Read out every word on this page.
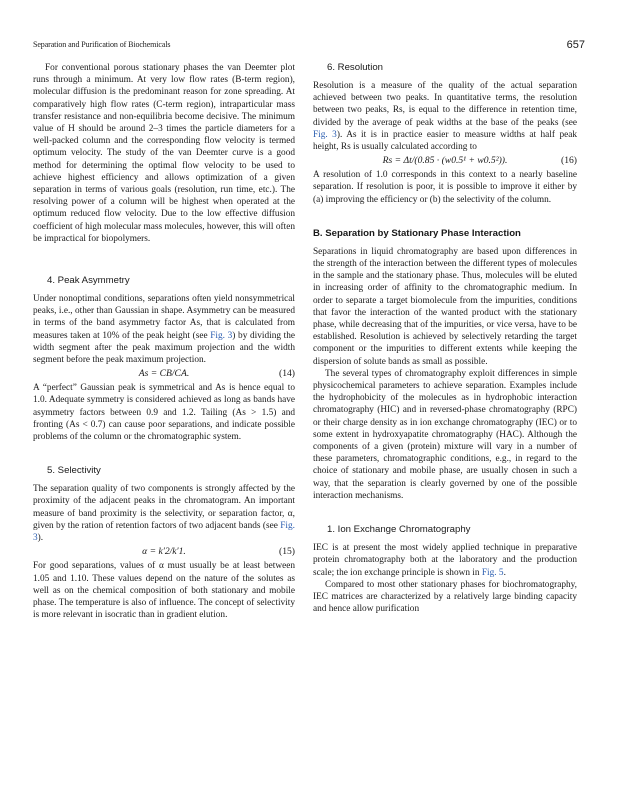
Separation and Purification of Biochemicals	657

For conventional porous stationary phases the van Deemter plot runs through a minimum. At very low flow rates (B-term region), molecular diffusion is the predominant reason for zone spreading. At comparatively high flow rates (C-term region), intraparticular mass transfer resistance and non-equilibria become decisive. The minimum value of H should be around 2–3 times the particle diameters for a well-packed column and the corresponding flow velocity is termed optimum velocity. The study of the van Deemter curve is a good method for determining the optimal flow velocity to be used to achieve highest efficiency and allows optimization of a given separation in terms of various goals (resolution, run time, etc.). The resolving power of a column will be highest when operated at the optimum reduced flow velocity. Due to the low effective diffusion coefficient of high molecular mass molecules, however, this will often be impractical for biopolymers.

4. Peak Asymmetry

Under nonoptimal conditions, separations often yield nonsymmetrical peaks, i.e., other than Gaussian in shape. Asymmetry can be measured in terms of the band asymmetry factor As, that is calculated from measures taken at 10% of the peak height (see Fig. 3) by dividing the width segment after the peak maximum projection and the width segment before the peak maximum projection.

As = CB/CA.	(14)

A “perfect” Gaussian peak is symmetrical and As is hence equal to 1.0. Adequate symmetry is considered achieved as long as bands have asymmetry factors between 0.9 and 1.2. Tailing (As > 1.5) and fronting (As < 0.7) can cause poor separations, and indicate possible problems of the column or the chromatographic system.

5. Selectivity

The separation quality of two components is strongly affected by the proximity of the adjacent peaks in the chromatogram. An important measure of band proximity is the selectivity, or separation factor, α, given by the ration of retention factors of two adjacent bands (see Fig. 3).

α = k′2/k′1.	(15)

For good separations, values of α must usually be at least between 1.05 and 1.10. These values depend on the nature of the solutes as well as on the chemical composition of both stationary and mobile phase. The temperature is also of influence. The concept of selectivity is more relevant in isocratic than in gradient elution.

6. Resolution

Resolution is a measure of the quality of the actual separation achieved between two peaks. In quantitative terms, the resolution between two peaks, Rs, is equal to the difference in retention time, divided by the average of peak widths at the base of the peaks (see Fig. 3). As it is in practice easier to measure widths at half peak height, Rs is usually calculated according to

Rs = Δt/(0.85 · (w0.5¹ + w0.5²)).	(16)

A resolution of 1.0 corresponds in this context to a nearly baseline separation. If resolution is poor, it is possible to improve it either by (a) improving the efficiency or (b) the selectivity of the column.

B. Separation by Stationary Phase Interaction

Separations in liquid chromatography are based upon differences in the strength of the interaction between the different types of molecules in the sample and the stationary phase. Thus, molecules will be eluted in increasing order of affinity to the chromatographic medium. In order to separate a target biomolecule from the impurities, conditions that favor the interaction of the wanted product with the stationary phase, while decreasing that of the impurities, or vice versa, have to be established. Resolution is achieved by selectively retarding the target component or the impurities to different extents while keeping the dispersion of solute bands as small as possible.

The several types of chromatography exploit differences in simple physicochemical parameters to achieve separation. Examples include the hydrophobicity of the molecules as in hydrophobic interaction chromatography (HIC) and in reversed-phase chromatography (RPC) or their charge density as in ion exchange chromatography (IEC) or to some extent in hydroxyapatite chromatography (HAC). Although the components of a given (protein) mixture will vary in a number of these parameters, chromatographic conditions, e.g., in regard to the choice of stationary and mobile phase, are usually chosen in such a way, that the separation is clearly governed by one of the possible interaction mechanisms.

1. Ion Exchange Chromatography

IEC is at present the most widely applied technique in preparative protein chromatography both at the laboratory and the production scale; the ion exchange principle is shown in Fig. 5.

Compared to most other stationary phases for biochromatography, IEC matrices are characterized by a relatively large binding capacity and hence allow purification
